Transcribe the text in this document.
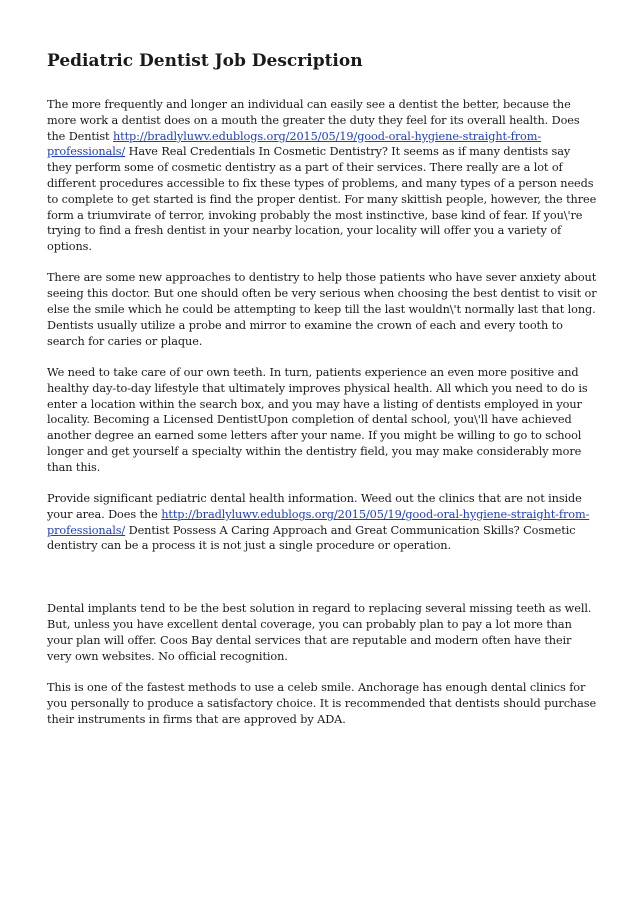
Pediatric Dentist Job Description

The more frequently and longer an individual can easily see a dentist the better, because the more work a dentist does on a mouth the greater the duty they feel for its overall health. Does the Dentist http://bradlyluwv.edublogs.org/2015/05/19/good-oral-hygiene-straight-from-professionals/ Have Real Credentials In Cosmetic Dentistry? It seems as if many dentists say they perform some of cosmetic dentistry as a part of their services. There really are a lot of different procedures accessible to fix these types of problems, and many types of a person needs to complete to get started is find the proper dentist. For many skittish people, however, the three form a triumvirate of terror, invoking probably the most instinctive, base kind of fear. If you\'re trying to find a fresh dentist in your nearby location, your locality will offer you a variety of options.

There are some new approaches to dentistry to help those patients who have sever anxiety about seeing this doctor. But one should often be very serious when choosing the best dentist to visit or else the smile which he could be attempting to keep till the last wouldn\'t normally last that long. Dentists usually utilize a probe and mirror to examine the crown of each and every tooth to search for caries or plaque.

We need to take care of our own teeth. In turn, patients experience an even more positive and healthy day-to-day lifestyle that ultimately improves physical health. All which you need to do is enter a location within the search box, and you may have a listing of dentists employed in your locality. Becoming a Licensed DentistUpon completion of dental school, you\'ll have achieved another degree an earned some letters after your name. If you might be willing to go to school longer and get yourself a specialty within the dentistry field, you may make considerably more than this.

Provide significant pediatric dental health information. Weed out the clinics that are not inside your area. Does the http://bradlyluwv.edublogs.org/2015/05/19/good-oral-hygiene-straight-from-professionals/ Dentist Possess A Caring Approach and Great Communication Skills? Cosmetic dentistry can be a process it is not just a single procedure or operation.

Dental implants tend to be the best solution in regard to replacing several missing teeth as well. But, unless you have excellent dental coverage, you can probably plan to pay a lot more than your plan will offer. Coos Bay dental services that are reputable and modern often have their very own websites. No official recognition.

This is one of the fastest methods to use a celeb smile. Anchorage has enough dental clinics for you personally to produce a satisfactory choice. It is recommended that dentists should purchase their instruments in firms that are approved by ADA.
